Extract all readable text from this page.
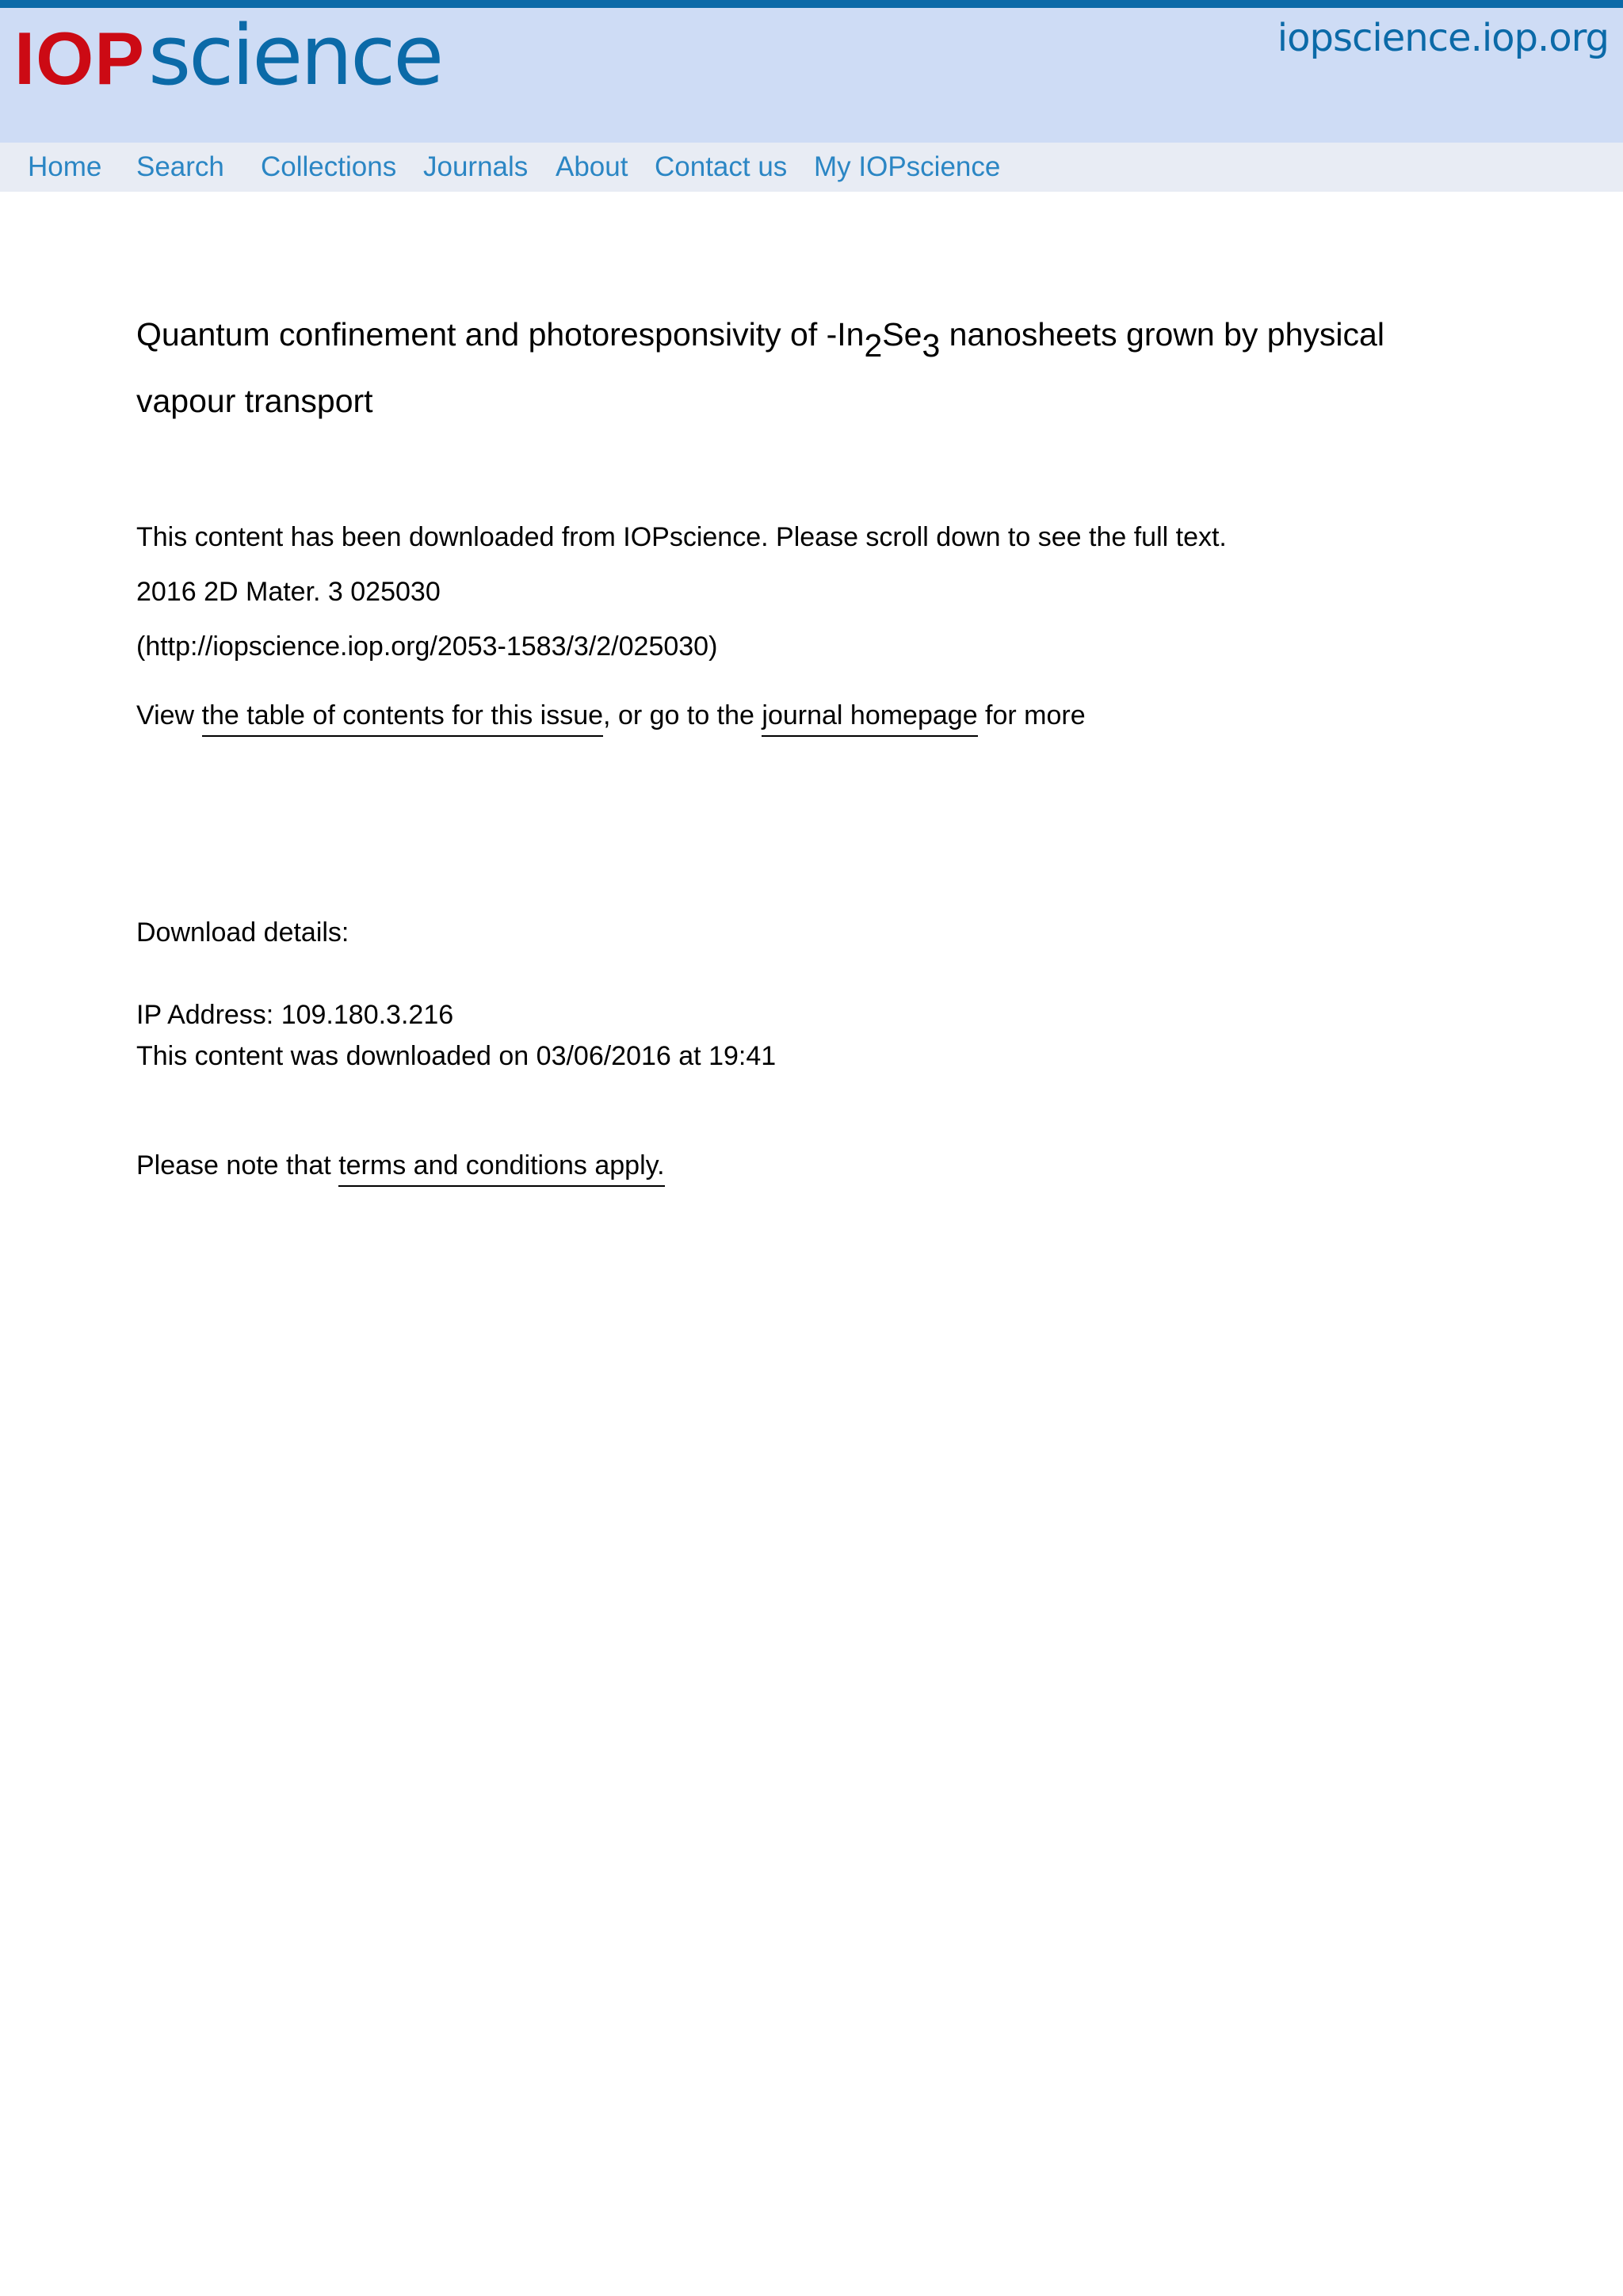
IOP science	iopscience.iop.org
Home Search Collections Journals About Contact us My IOPscience
Quantum confinement and photoresponsivity of $-In_2Se_3$ nanosheets grown by physical
vapour transport

This content has been downloaded from IOPscience. Please scroll down to see the full text.

2016 2D Mater. 3 025030

(http://iopscience.iop.org/2053-1583/3/2/025030)

View the table of contents for this issue, or go to the journal homepage for more

Download details:

IP Address: 109.180.3.216

This content was downloaded on 03/06/2016 at 19:41

Please note that terms and conditions apply.
